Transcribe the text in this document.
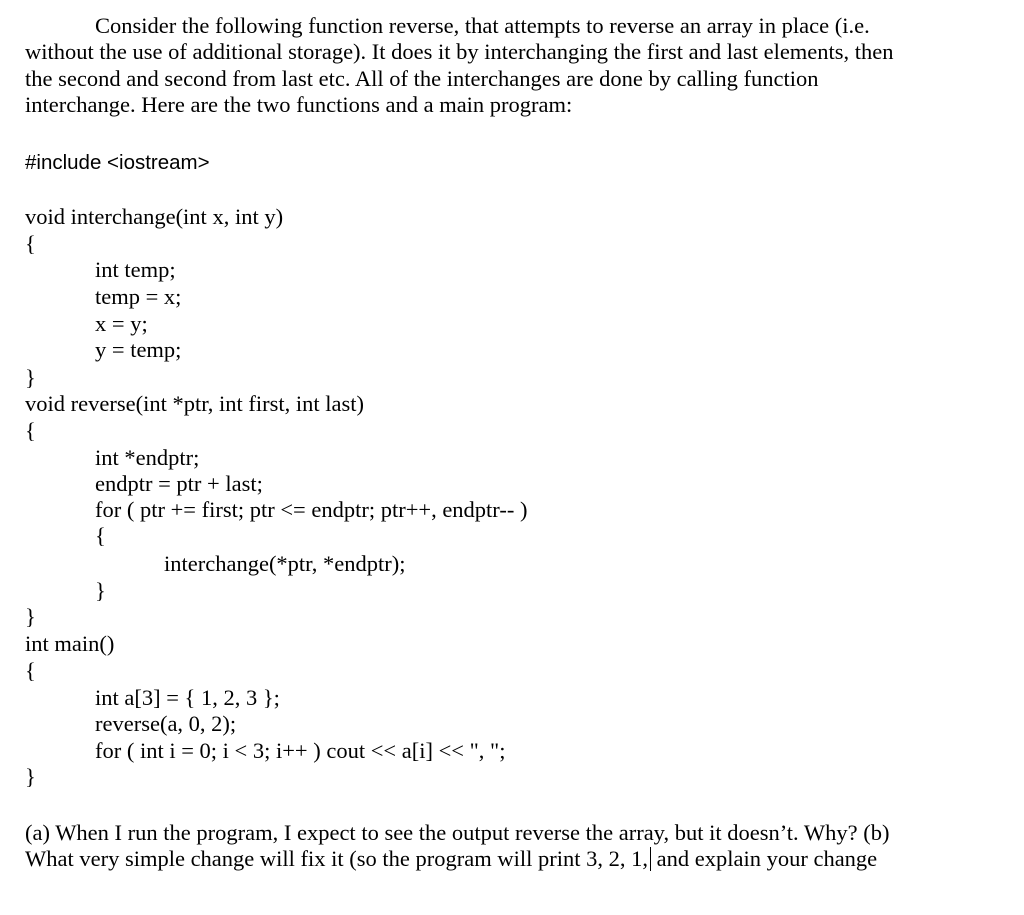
Consider the following function reverse, that attempts to reverse an array in place (i.e.
without the use of additional storage). It does it by interchanging the first and last elements, then
the second and second from last etc. All of the interchanges are done by calling function
interchange. Here are the two functions and a main program:
#include <iostream>
void interchange(int x, int y)
{
int temp;
temp = x;
x = y;
y = temp;
}
void reverse(int *ptr, int first, int last)
{
int *endptr;
endptr = ptr + last;
for ( ptr += first; ptr <= endptr; ptr++, endptr-- )
{
interchange(*ptr, *endptr);
}
}
int main()
{
int a[3] = { 1, 2, 3 };
reverse(a, 0, 2);
for ( int i = 0; i < 3; i++ ) cout << a[i] << ", ";
}
(a) When I run the program, I expect to see the output reverse the array, but it doesn’t. Why? (b)
What very simple change will fix it (so the program will print 3, 2, 1, and explain your change
